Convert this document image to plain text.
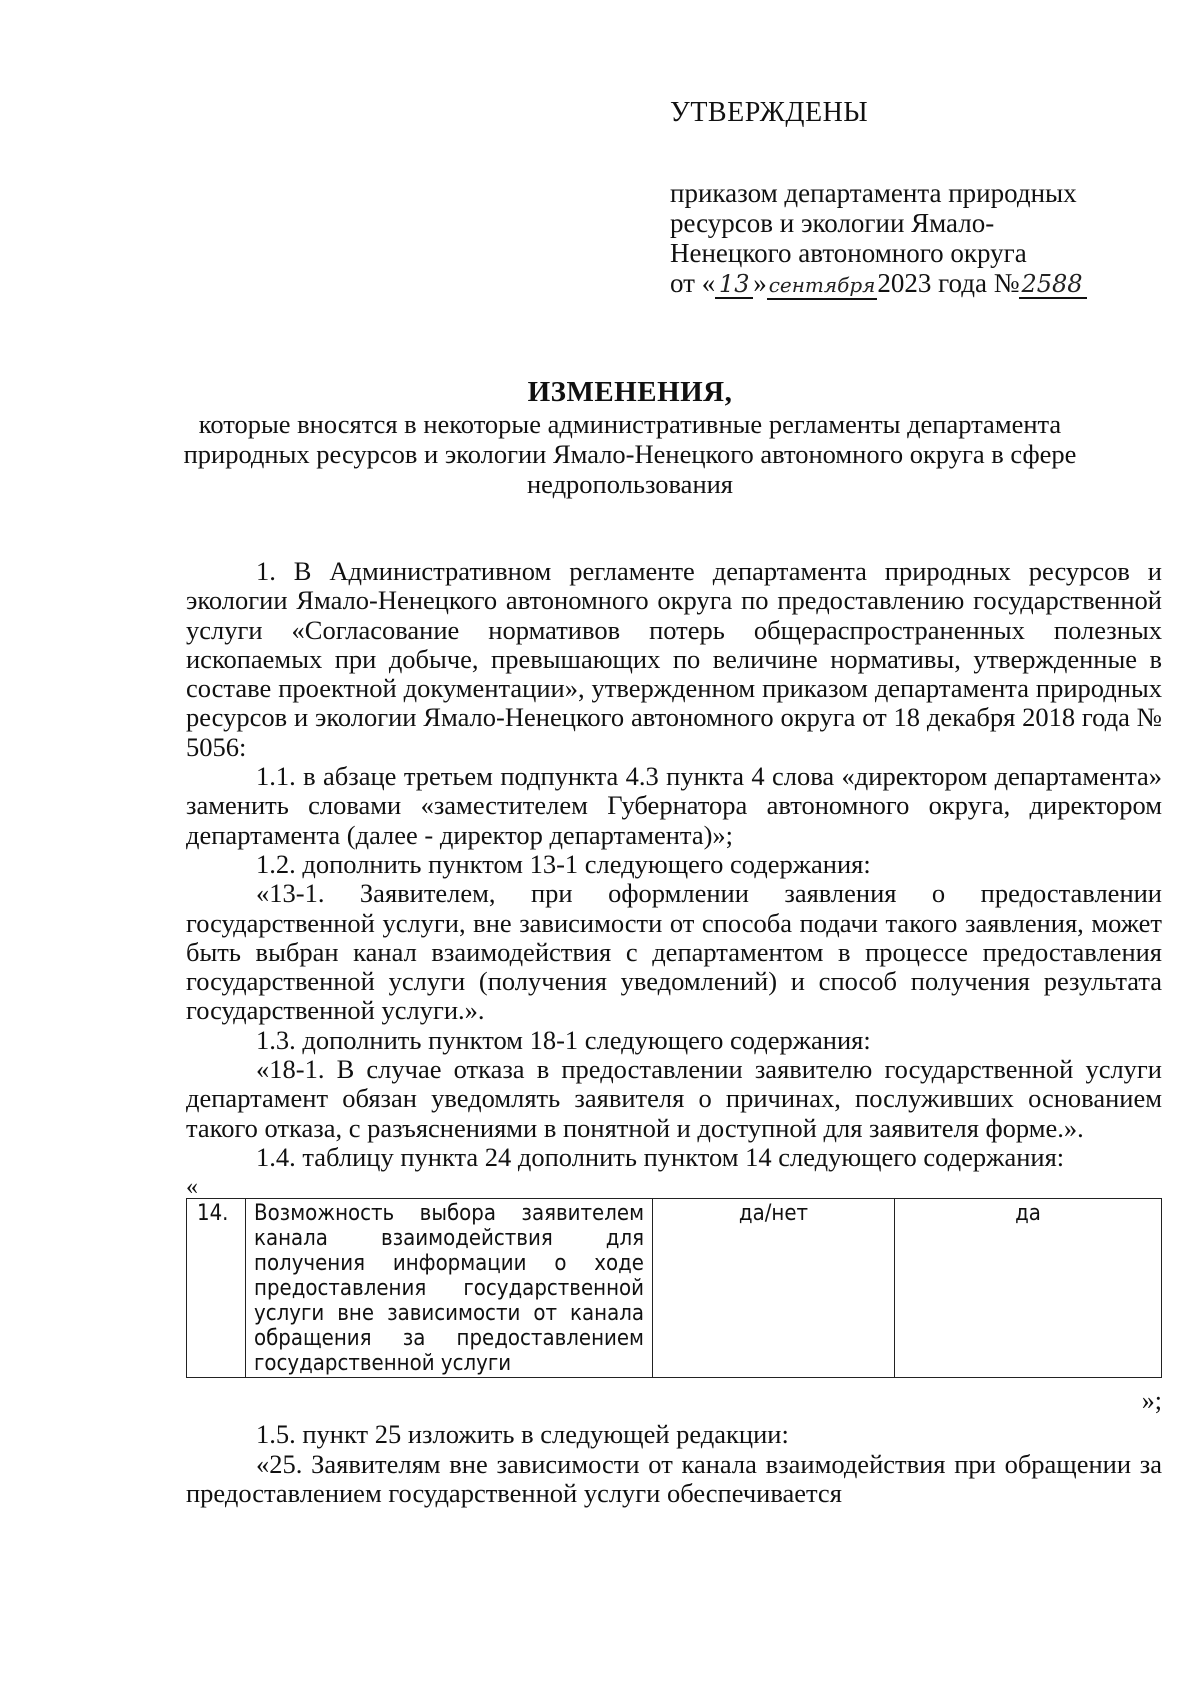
УТВЕРЖДЕНЫ
приказом департамента природных
ресурсов и экологии Ямало-
Ненецкого автономного округа
от « 13 » сентября2023 года №2588
ИЗМЕНЕНИЯ,
которые вносятся в некоторые административные регламенты департамента природных ресурсов и экологии Ямало-Ненецкого автономного округа в сфере недропользования

1. В Административном регламенте департамента природных ресурсов и экологии Ямало-Ненецкого автономного округа по предоставлению государственной услуги «Согласование нормативов потерь общераспространенных полезных ископаемых при добыче, превышающих по величине нормативы, утвержденные в составе проектной документации», утвержденном приказом департамента природных ресурсов и экологии Ямало-Ненецкого автономного округа от 18 декабря 2018 года № 5056:

1.1. в абзаце третьем подпункта 4.3 пункта 4 слова «директором департамента» заменить словами «заместителем Губернатора автономного округа, директором департамента (далее - директор департамента)»;

1.2. дополнить пунктом 13-1 следующего содержания:

«13-1. Заявителем, при оформлении заявления о предоставлении государственной услуги, вне зависимости от способа подачи такого заявления, может быть выбран канал взаимодействия с департаментом в процессе предоставления государственной услуги (получения уведомлений) и способ получения результата государственной услуги.».

1.3. дополнить пунктом 18-1 следующего содержания:

«18-1. В случае отказа в предоставлении заявителю государственной услуги департамент обязан уведомлять заявителя о причинах, послуживших основанием такого отказа, с разъяснениями в понятной и доступной для заявителя форме.».

1.4. таблицу пункта 24 дополнить пунктом 14 следующего содержания:

«
14.	Возможность выбора заявителем канала взаимодействия для получения информации о ходе предоставления государственной услуги вне зависимости от канала обращения за предоставлением государственной услуги	да/нет	да
»;

1.5. пункт 25 изложить в следующей редакции:

«25. Заявителям вне зависимости от канала взаимодействия при обращении за предоставлением государственной услуги обеспечивается
